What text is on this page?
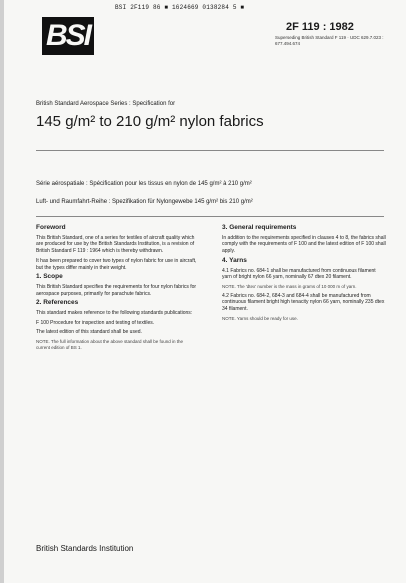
BSI 2F119 86 ■ 1624669 0138284 5 ■
BSI	2F 119 : 1982
Superseding British Standard F 119 · UDC 629.7.023 : 677.494.674
British Standard Aerospace Series : Specification for
145 g/m² to 210 g/m² nylon fabrics
Série aérospatiale : Spécification pour les tissus en nylon de 145 g/m² à 210 g/m²
Luft- und Raumfahrt-Reihe : Spezifikation für Nylongewebe 145 g/m² bis 210 g/m²
Foreword

This British Standard, one of a series for textiles of aircraft quality which are produced for use by the British Standards Institution, is a revision of British Standard F 119 : 1964 which is thereby withdrawn.

It has been prepared to cover two types of nylon fabric for use in aircraft, but the types differ mainly in their weight.

1. Scope

This British Standard specifies the requirements for four nylon fabrics for aerospace purposes, primarily for parachute fabrics.

2. References

This standard makes reference to the following standards publications:

F 100 Procedure for inspection and testing of textiles.

The latest edition of this standard shall be used.

NOTE. The full information about the above standard shall be found in the current edition of BS 1.

3. General requirements

In addition to the requirements specified in clauses 4 to 8, the fabrics shall comply with the requirements of F 100 and the latest edition of F 100 shall apply.

4. Yarns

4.1 Fabrics no. 684-1 shall be manufactured from continuous filament yarn of bright nylon 66 yarn, nominally 67 dtex 20 filament.

NOTE. The 'dtex' number is the mass in grams of 10 000 m of yarn.

4.2 Fabrics no. 684-2, 684-3 and 684-4 shall be manufactured from continuous filament bright high tenacity nylon 66 yarn, nominally 235 dtex 34 filament.

NOTE. Yarns should be ready for use.

British Standards Institution
